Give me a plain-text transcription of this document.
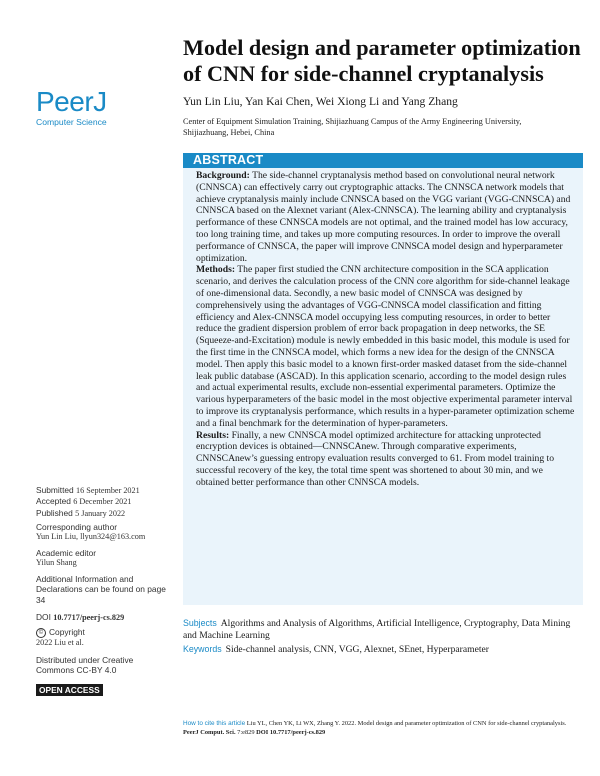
PeerJ
Computer Science
Model design and parameter optimization of CNN for side-channel cryptanalysis
Yun Lin Liu, Yan Kai Chen, Wei Xiong Li and Yang Zhang
Center of Equipment Simulation Training, Shijiazhuang Campus of the Army Engineering University, Shijiazhuang, Hebei, China
ABSTRACT

Background: The side-channel cryptanalysis method based on convolutional neural network (CNNSCA) can effectively carry out cryptographic attacks. The CNNSCA network models that achieve cryptanalysis mainly include CNNSCA based on the VGG variant (VGG-CNNSCA) and CNNSCA based on the Alexnet variant (Alex-CNNSCA). The learning ability and cryptanalysis performance of these CNNSCA models are not optimal, and the trained model has low accuracy, too long training time, and takes up more computing resources. In order to improve the overall performance of CNNSCA, the paper will improve CNNSCA model design and hyperparameter optimization.

Methods: The paper first studied the CNN architecture composition in the SCA application scenario, and derives the calculation process of the CNN core algorithm for side-channel leakage of one-dimensional data. Secondly, a new basic model of CNNSCA was designed by comprehensively using the advantages of VGG-CNNSCA model classification and fitting efficiency and Alex-CNNSCA model occupying less computing resources, in order to better reduce the gradient dispersion problem of error back propagation in deep networks, the SE (Squeeze-and-Excitation) module is newly embedded in this basic model, this module is used for the first time in the CNNSCA model, which forms a new idea for the design of the CNNSCA model. Then apply this basic model to a known first-order masked dataset from the side-channel leak public database (ASCAD). In this application scenario, according to the model design rules and actual experimental results, exclude non-essential experimental parameters. Optimize the various hyperparameters of the basic model in the most objective experimental parameter interval to improve its cryptanalysis performance, which results in a hyper-parameter optimization scheme and a final benchmark for the determination of hyper-parameters.

Results: Finally, a new CNNSCA model optimized architecture for attacking unprotected encryption devices is obtained—CNNSCAnew. Through comparative experiments, CNNSCAnew’s guessing entropy evaluation results converged to 61. From model training to successful recovery of the key, the total time spent was shortened to about 30 min, and we obtained better performance than other CNNSCA models.

Subjects Algorithms and Analysis of Algorithms, Artificial Intelligence, Cryptography, Data Mining and Machine Learning
Keywords Side-channel analysis, CNN, VGG, Alexnet, SEnet, Hyperparameter
Submitted 16 September 2021
Accepted 6 December 2021
Published 5 January 2022
Corresponding author
Yun Lin Liu, llyun324@163.com
Academic editor
Yilun Shang
Additional Information and Declarations can be found on page 34
DOI 10.7717/peerj-cs.829
© Copyright
2022 Liu et al.
Distributed under Creative Commons CC-BY 4.0
OPEN ACCESS
How to cite this article Liu YL, Chen YK, Li WX, Zhang Y. 2022. Model design and parameter optimization of CNN for side-channel cryptanalysis. PeerJ Comput. Sci. 7:e829 DOI 10.7717/peerj-cs.829
